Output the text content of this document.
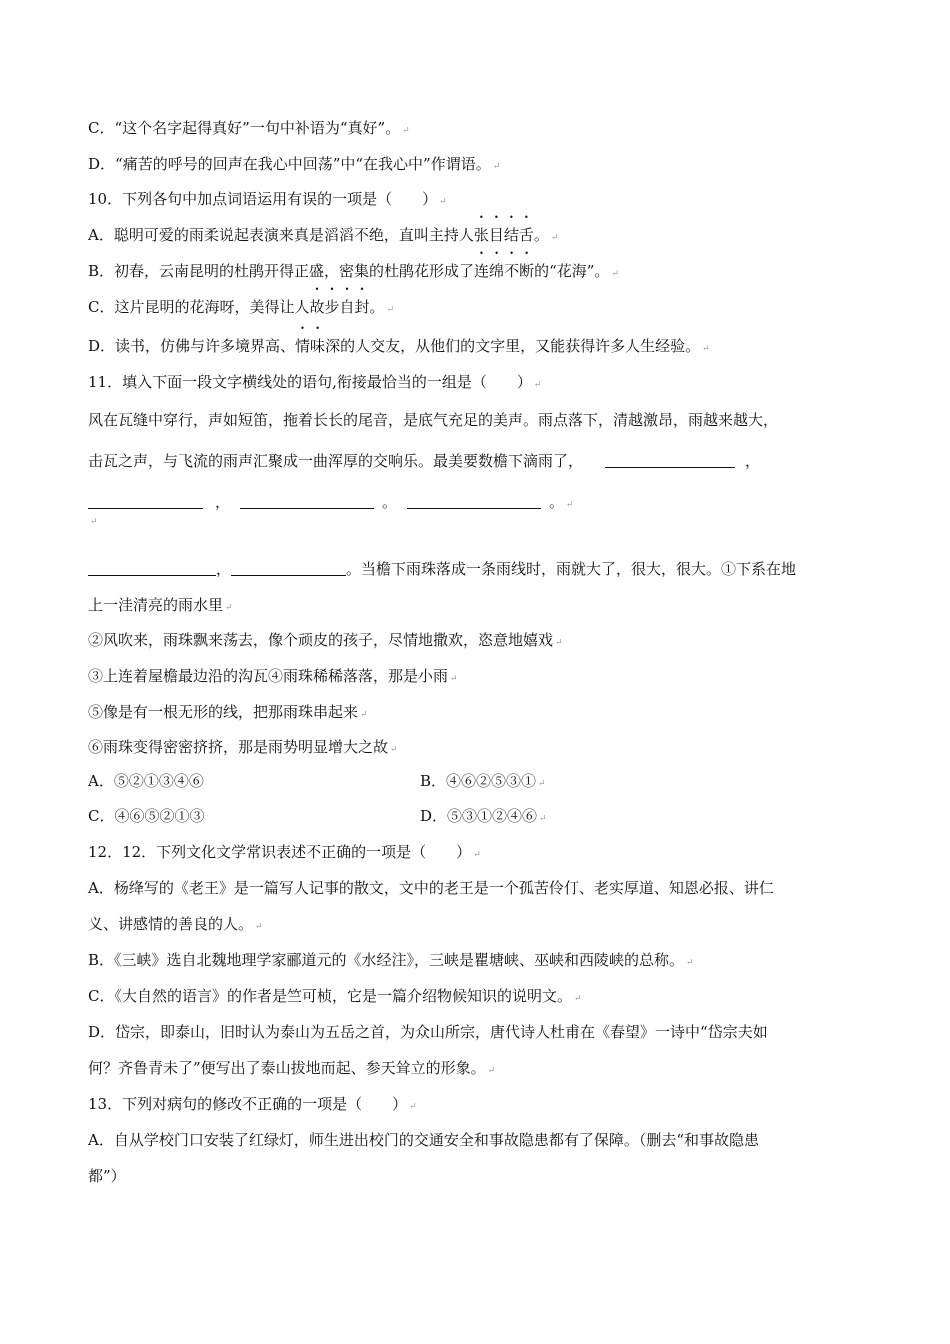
C．“这个名字起得真好”一句中补语为“真好”。 ↵
D．“痛苦的呼号的回声在我心中回荡”中“在我心中”作谓语。 ↵
10．下列各句中加点词语运用有误的一项是（　　） ↵
A．聪明可爱的雨柔说起表演来真是滔滔不绝，直叫主持人张目结舌。 ↵
B．初春，云南昆明的杜鹃开得正盛，密集的杜鹃花形成了连绵不断的“花海”。 ↵
C．这片昆明的花海呀，美得让人故步自封。 ↵
D．读书，仿佛与许多境界高、情味深的人交友，从他们的文字里，又能获得许多人生经验。 ↵
11．填入下面一段文字横线处的语句,衔接最恰当的一组是（　　） ↵
风在瓦缝中穿行，声如短笛，拖着长长的尾音，是底气充足的美声。雨点落下，清越激昂，雨越来越大，
击瓦之声，与飞流的雨声汇聚成一曲浑厚的交响乐。最美要数檐下滴雨了，	，
，	。	。 ↵
↵
，	。当檐下雨珠落成一条雨线时，雨就大了，很大，很大。①下系在地
上一洼清亮的雨水里 ↵
②风吹来，雨珠飘来荡去，像个顽皮的孩子，尽情地撒欢，恣意地嬉戏 ↵
③上连着屋檐最边沿的沟瓦④雨珠稀稀落落，那是小雨 ↵
⑤像是有一根无形的线，把那雨珠串起来 ↵
⑥雨珠变得密密挤挤，那是雨势明显增大之故 ↵
A．⑤②①③④⑥	B．④⑥②⑤③① ↵
C．④⑥⑤②①③	D．⑤③①②④⑥ ↵
12．12．下列文化文学常识表述不正确的一项是（　　） ↵
A．杨绛写的《老王》是一篇写人记事的散文，文中的老王是一个孤苦伶仃、老实厚道、知恩必报、讲仁
义、讲感情的善良的人。 ↵
B．《三峡》选自北魏地理学家郦道元的《水经注》，三峡是瞿塘峡、巫峡和西陵峡的总称。 ↵
C．《大自然的语言》的作者是竺可桢，它是一篇介绍物候知识的说明文。 ↵
D．岱宗，即泰山，旧时认为泰山为五岳之首，为众山所宗，唐代诗人杜甫在《春望》一诗中“岱宗夫如
何？齐鲁青未了”便写出了泰山拔地而起、参天耸立的形象。 ↵
13．下列对病句的修改不正确的一项是（　　） ↵
A．自从学校门口安装了红绿灯，师生进出校门的交通安全和事故隐患都有了保障。（删去“和事故隐患
都”）
